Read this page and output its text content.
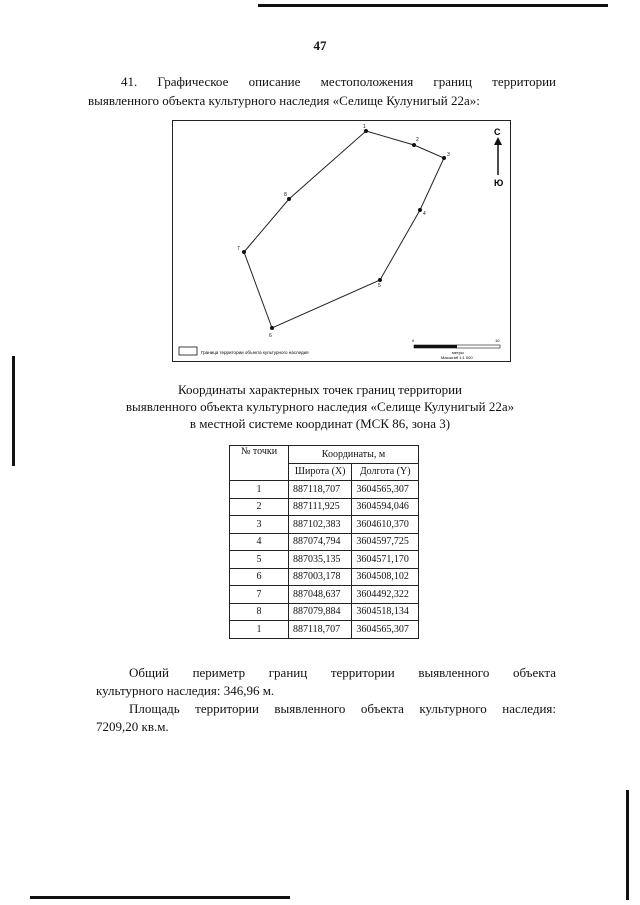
47
41. Графическое описание местоположения границ территории
выявленного объекта культурного наследия «Селище Кулунигый 22а»:
1
2
3
4
5
6
7
8
С
Ю
Граница территории объекта культурного наследия
0	10
метры
Масштаб 1:1 000
Координаты характерных точек границ территории
выявленного объекта культурного наследия «Селище Кулунигый 22а»
в местной системе координат (МСК 86, зона 3)
№ точки	Координаты, м	
	Широта (X)	Долгота (Y)
1	887118,707	3604565,307
2	887111,925	3604594,046
3	887102,383	3604610,370
4	887074,794	3604597,725
5	887035,135	3604571,170
6	887003,178	3604508,102
7	887048,637	3604492,322
8	887079,884	3604518,134
1	887118,707	3604565,307
Общий периметр границ территории выявленного объекта
культурного наследия: 346,96 м.
Площадь территории выявленного объекта культурного наследия:
7209,20 кв.м.
